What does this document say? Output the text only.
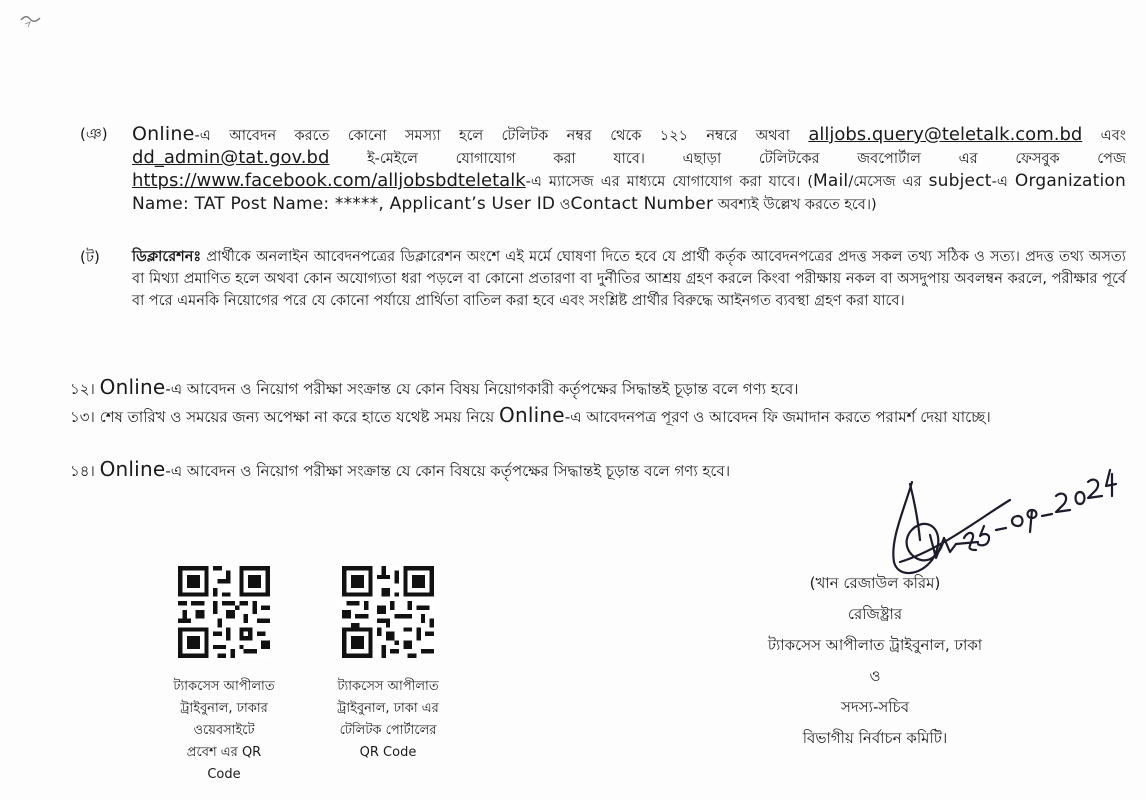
(ঞ) Online-এ আবেদন করতে কোনো সমস্যা হলে টেলিটক নম্বর থেকে ১২১ নম্বরে অথবা alljobs.query@teletalk.com.bd এবং dd_admin@tat.gov.bd ই-মেইলে যোগাযোগ করা যাবে। এছাড়া টেলিটকের জবপোর্টাল এর ফেসবুক পেজ https://www.facebook.com/alljobsbdteletalk-এ ম্যাসেজ এর মাধ্যমে যোগাযোগ করা যাবে। (Mail/মেসেজ এর subject-এ Organization Name: TAT Post Name: *****, Applicant’s User ID ওContact Number অবশ্যই উল্লেখ করতে হবে।)
(ট) ডিক্লারেশনঃ প্রার্থীকে অনলাইন আবেদনপত্রের ডিক্লারেশন অংশে এই মর্মে ঘোষণা দিতে হবে যে প্রার্থী কর্তৃক আবেদনপত্রের প্রদত্ত সকল তথ্য সঠিক ও সত্য। প্রদত্ত তথ্য অসত্য বা মিথ্যা প্রমাণিত হলে অথবা কোন অযোগ্যতা ধরা পড়লে বা কোনো প্রতারণা বা দুর্নীতির আশ্রয় গ্রহণ করলে কিংবা পরীক্ষায় নকল বা অসদুপায় অবলম্বন করলে, পরীক্ষার পূর্বে বা পরে এমনকি নিয়োগের পরে যে কোনো পর্যায়ে প্রার্থিতা বাতিল করা হবে এবং সংশ্লিষ্ট প্রার্থীর বিরুদ্ধে আইনগত ব্যবস্থা গ্রহণ করা যাবে।
১২। Online-এ আবেদন ও নিয়োগ পরীক্ষা সংক্রান্ত যে কোন বিষয় নিয়োগকারী কর্তৃপক্ষের সিদ্ধান্তই চূড়ান্ত বলে গণ্য হবে।
১৩। শেষ তারিখ ও সময়ের জন্য অপেক্ষা না করে হাতে যথেষ্ট সময় নিয়ে Online-এ আবেদনপত্র পূরণ ও আবেদন ফি জমাদান করতে পরামর্শ দেয়া যাচ্ছে।
১৪। Online-এ আবেদন ও নিয়োগ পরীক্ষা সংক্রান্ত যে কোন বিষয়ে কর্তৃপক্ষের সিদ্ধান্তই চূড়ান্ত বলে গণ্য হবে।
ট্যাকসেস আপীলাত
ট্রাইবুনাল, ঢাকার
ওয়েবসাইটে
প্রবেশ এর QR
Code
ট্যাকসেস আপীলাত
ট্রাইবুনাল, ঢাকা এর
টেলিটক পোর্টালের
QR Code
(খান রেজাউল করিম)
রেজিষ্ট্রার
ট্যাকসেস আপীলাত ট্রাইবুনাল, ঢাকা
ও
সদস্য-সচিব
বিভাগীয় নির্বাচন কমিটি।
